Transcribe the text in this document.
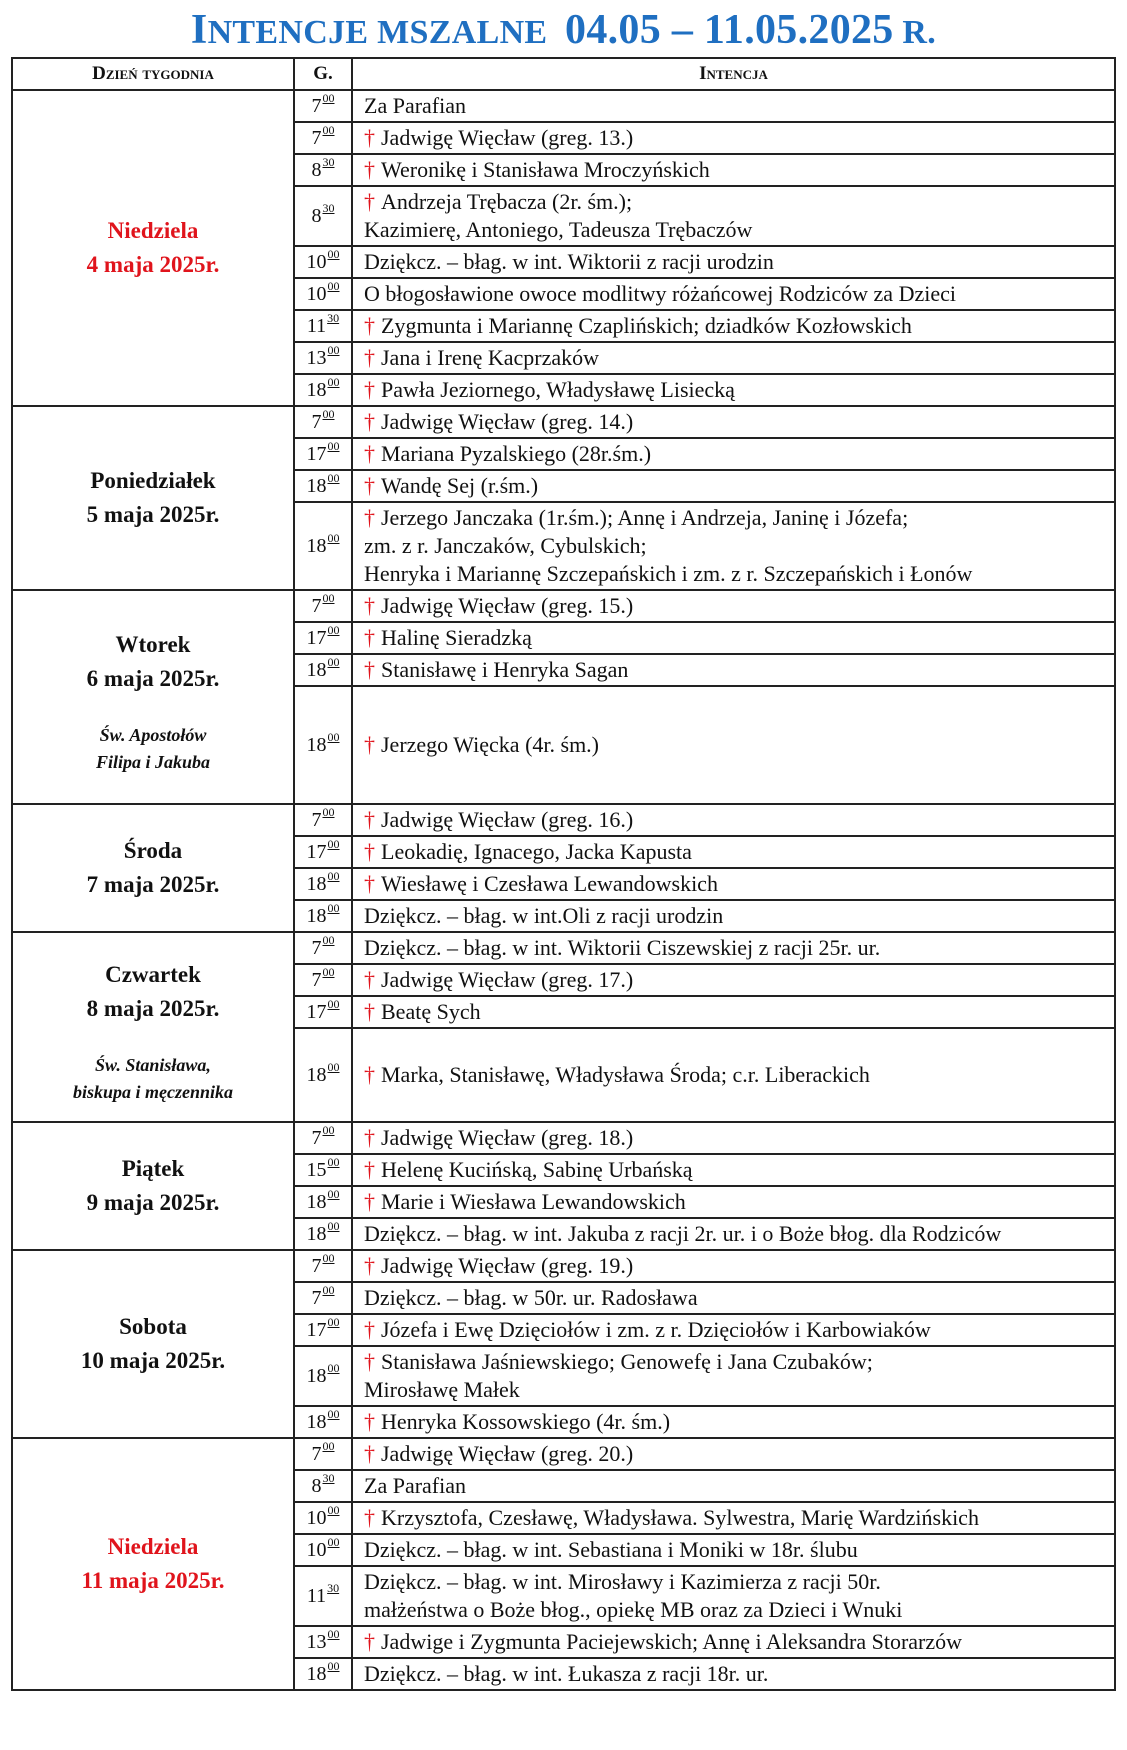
INTENCJE MSZALNE 04.05 – 11.05.2025 R.
Dzień tygodnia	G.	Intencja
Niedziela
4 maja 2025r.	$7^{00}$	Za Parafian

	$7^{00}$	† Jadwigę Więcław (greg. 13.)

	$8^{30}$	† Weronikę i Stanisława Mroczyńskich

	$8^{30}$	† Andrzeja Trębacza (2r. śm.);
Kazimierę, Antoniego, Tadeusza Trębaczów

	$10^{00}$	Dziękcz. – błag. w int. Wiktorii z racji urodzin

	$10^{00}$	O błogosławione owoce modlitwy różańcowej Rodziców za Dzieci

	$11^{30}$	† Zygmunta i Mariannę Czaplińskich; dziadków Kozłowskich

	$13^{00}$	† Jana i Irenę Kacprzaków

	$18^{00}$	† Pawła Jeziornego, Władysławę Lisiecką

Poniedziałek
5 maja 2025r.	$7^{00}$	† Jadwigę Więcław (greg. 14.)

	$17^{00}$	† Mariana Pyzalskiego (28r.śm.)

	$18^{00}$	† Wandę Sej (r.śm.)

	$18^{00}$	† Jerzego Janczaka (1r.śm.); Annę i Andrzeja, Janinę i Józefa;
zm. z r. Janczaków, Cybulskich;
Henryka i Mariannę Szczepańskich i zm. z r. Szczepańskich i Łonów

Wtorek
6 maja 2025r.
Św. Apostołów
Filipa i Jakuba	$7^{00}$	† Jadwigę Więcław (greg. 15.)

	$17^{00}$	† Halinę Sieradzką

	$18^{00}$	† Stanisławę i Henryka Sagan

	$18^{00}$	† Jerzego Więcka (4r. śm.)

Środa
7 maja 2025r.	$7^{00}$	† Jadwigę Więcław (greg. 16.)

	$17^{00}$	† Leokadię, Ignacego, Jacka Kapusta

	$18^{00}$	† Wiesławę i Czesława Lewandowskich

	$18^{00}$	Dziękcz. – błag. w int.Oli z racji urodzin

Czwartek
8 maja 2025r.
Św. Stanisława,
biskupa i męczennika	$7^{00}$	Dziękcz. – błag. w int. Wiktorii Ciszewskiej z racji 25r. ur.

	$7^{00}$	† Jadwigę Więcław (greg. 17.)

	$17^{00}$	† Beatę Sych

	$18^{00}$	† Marka, Stanisławę, Władysława Środa; c.r. Liberackich

Piątek
9 maja 2025r.	$7^{00}$	† Jadwigę Więcław (greg. 18.)

	$15^{00}$	† Helenę Kucińską, Sabinę Urbańską

	$18^{00}$	† Marie i Wiesława Lewandowskich

	$18^{00}$	Dziękcz. – błag. w int. Jakuba z racji 2r. ur. i o Boże błog. dla Rodziców

Sobota
10 maja 2025r.	$7^{00}$	† Jadwigę Więcław (greg. 19.)

	$7^{00}$	Dziękcz. – błag. w 50r. ur. Radosława

	$17^{00}$	† Józefa i Ewę Dzięciołów i zm. z r. Dzięciołów i Karbowiaków

	$18^{00}$	† Stanisława Jaśniewskiego; Genowefę i Jana Czubaków;
Mirosławę Małek

	$18^{00}$	† Henryka Kossowskiego (4r. śm.)

Niedziela
11 maja 2025r.	$7^{00}$	† Jadwigę Więcław (greg. 20.)

	$8^{30}$	Za Parafian

	$10^{00}$	† Krzysztofa, Czesławę, Władysława. Sylwestra, Marię Wardzińskich

	$10^{00}$	Dziękcz. – błag. w int. Sebastiana i Moniki w 18r. ślubu

	$11^{30}$	Dziękcz. – błag. w int. Mirosławy i Kazimierza z racji 50r.
małżeństwa o Boże błog., opiekę MB oraz za Dzieci i Wnuki

	$13^{00}$	† Jadwige i Zygmunta Paciejewskich; Annę i Aleksandra Storarzów

	$18^{00}$	Dziękcz. – błag. w int. Łukasza z racji 18r. ur.
